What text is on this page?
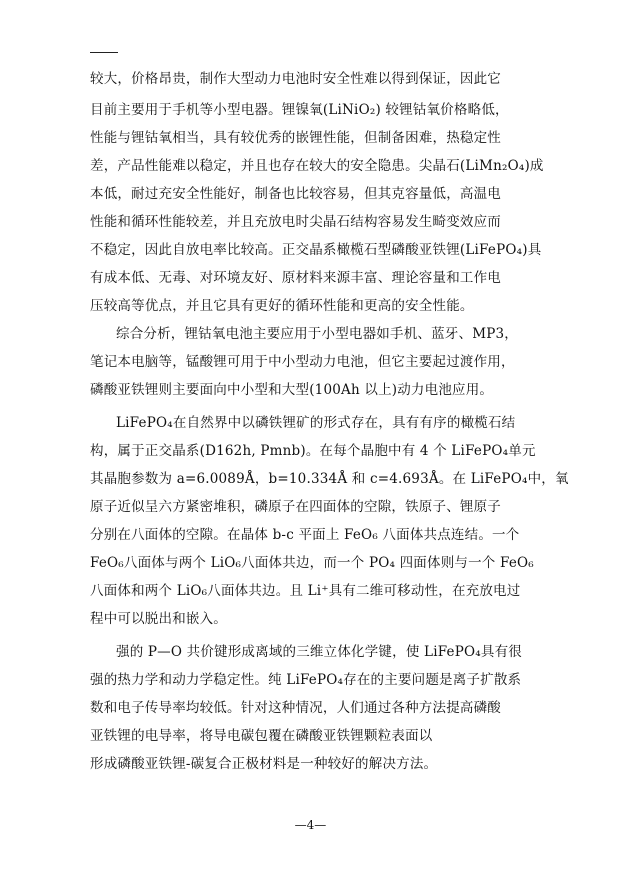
较大，价格昂贵，制作大型动力电池时安全性难以得到保证，因此它
目前主要用于手机等小型电器。锂镍氧(LiNiO₂) 较锂钴氧价格略低，
性能与锂钴氧相当，具有较优秀的嵌锂性能，但制备困难，热稳定性
差，产品性能难以稳定，并且也存在较大的安全隐患。尖晶石(LiMn₂O₄)成
本低，耐过充安全性能好，制备也比较容易，但其克容量低，高温电
性能和循环性能较差，并且充放电时尖晶石结构容易发生畸变效应而
不稳定，因此自放电率比较高。正交晶系橄榄石型磷酸亚铁锂(LiFePO₄)具
有成本低、无毒、对环境友好、原材料来源丰富、理论容量和工作电
压较高等优点，并且它具有更好的循环性能和更高的安全性能。
综合分析，锂钴氧电池主要应用于小型电器如手机、蓝牙、MP3，
笔记本电脑等，锰酸锂可用于中小型动力电池，但它主要起过渡作用，
磷酸亚铁锂则主要面向中小型和大型(100Ah 以上)动力电池应用。
LiFePO₄在自然界中以磷铁锂矿的形式存在，具有有序的橄榄石结
构，属于正交晶系(D162h, Pmnb)。在每个晶胞中有 4 个 LiFePO₄单元
其晶胞参数为 a=6.0089Å，b=10.334Å 和 c=4.693Å。在 LiFePO₄中，氧
原子近似呈六方紧密堆积，磷原子在四面体的空隙，铁原子、锂原子
分别在八面体的空隙。在晶体 b-c 平面上 FeO₆ 八面体共点连结。一个
FeO₆八面体与两个 LiO₆八面体共边，而一个 PO₄ 四面体则与一个 FeO₆
八面体和两个 LiO₆八面体共边。且 Li⁺具有二维可移动性，在充放电过
程中可以脱出和嵌入。
强的 P—O 共价键形成离域的三维立体化学键，使 LiFePO₄具有很
强的热力学和动力学稳定性。纯 LiFePO₄存在的主要问题是离子扩散系
数和电子传导率均较低。针对这种情况，人们通过各种方法提高磷酸
亚铁锂的电导率，将导电碳包覆在磷酸亚铁锂颗粒表面以
形成磷酸亚铁锂-碳复合正极材料是一种较好的解决方法。
—4—
